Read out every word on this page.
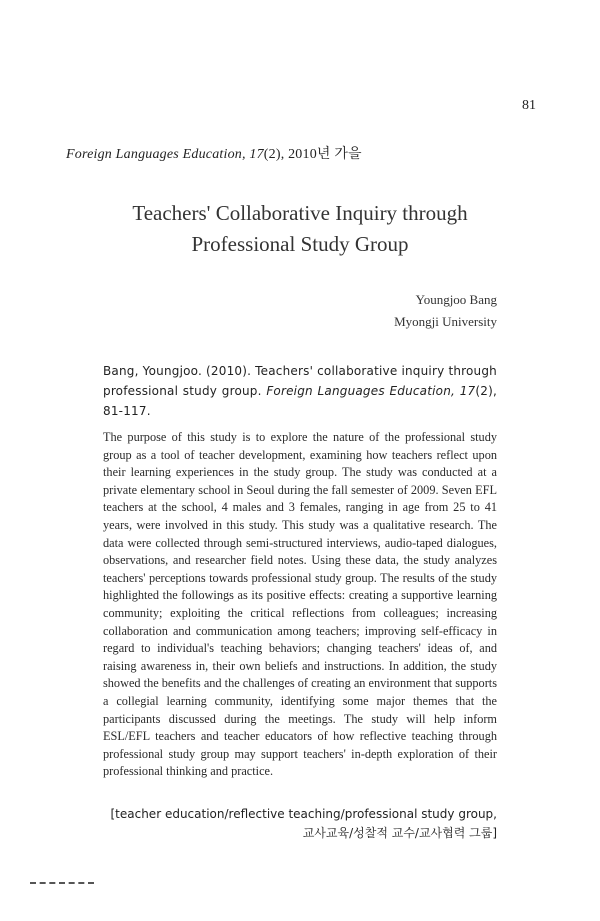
81
Foreign Languages Education, 17(2), 2010년 가을
Teachers' Collaborative Inquiry through
Professional Study Group
Youngjoo Bang
Myongji University
Bang, Youngjoo. (2010). Teachers' collaborative inquiry through professional study group. Foreign Languages Education, 17(2), 81-117.
The purpose of this study is to explore the nature of the professional study group as a tool of teacher development, examining how teachers reflect upon their learning experiences in the study group. The study was conducted at a private elementary school in Seoul during the fall semester of 2009. Seven EFL teachers at the school, 4 males and 3 females, ranging in age from 25 to 41 years, were involved in this study. This study was a qualitative research. The data were collected through semi-structured interviews, audio-taped dialogues, observations, and researcher field notes. Using these data, the study analyzes teachers' perceptions towards professional study group. The results of the study highlighted the followings as its positive effects: creating a supportive learning community; exploiting the critical reflections from colleagues; increasing collaboration and communication among teachers; improving self-efficacy in regard to individual's teaching behaviors; changing teachers' ideas of, and raising awareness in, their own beliefs and instructions. In addition, the study showed the benefits and the challenges of creating an environment that supports a collegial learning community, identifying some major themes that the participants discussed during the meetings. The study will help inform ESL/EFL teachers and teacher educators of how reflective teaching through professional study group may support teachers' in-depth exploration of their professional thinking and practice.
[teacher education/reflective teaching/professional study group,
교사교육/성찰적 교수/교사협력 그룹]
